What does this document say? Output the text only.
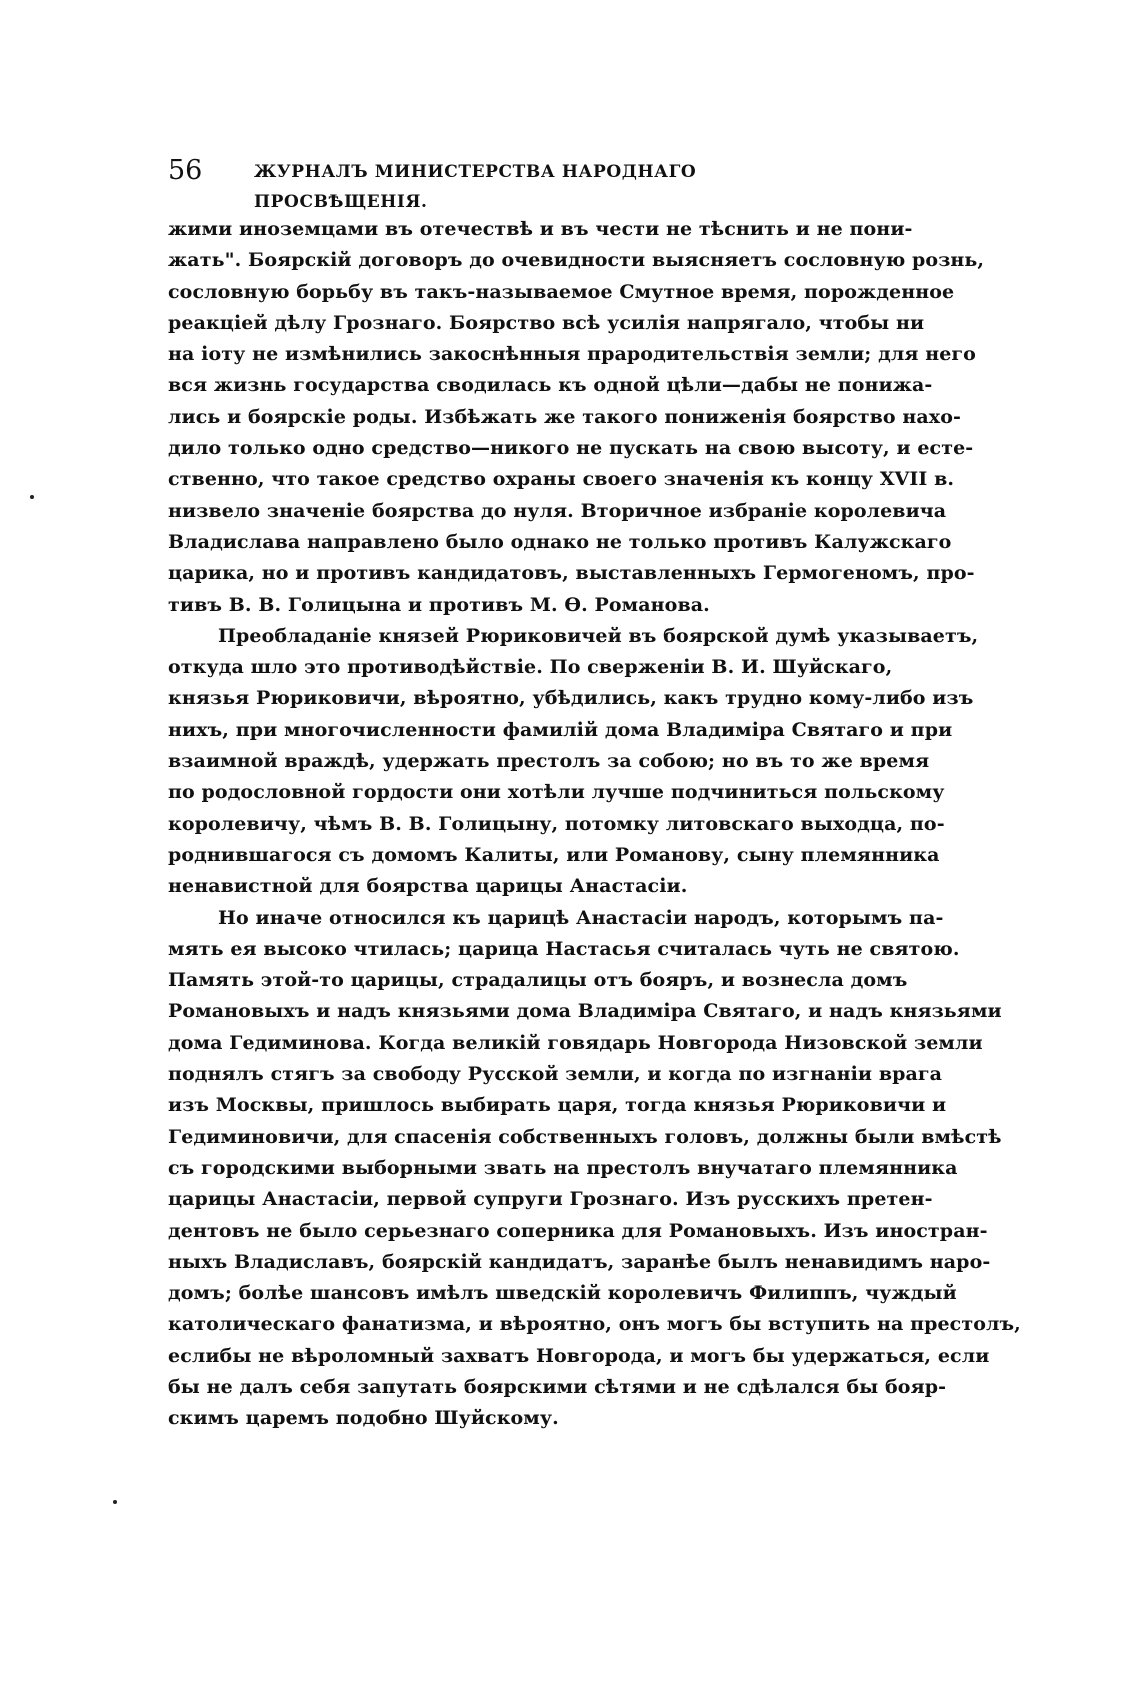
56	ЖУРНАЛЪ МИНИСТЕРСТВА НАРОДНАГО ПРОСВѢЩЕНІЯ.
жими иноземцами въ отечествѣ и въ чести не тѣснить и не пони-
жать". Боярскій договоръ до очевидности выясняетъ сословную рознь,
сословную борьбу въ такъ-называемое Смутное время, порожденное
реакціей дѣлу Грознаго. Боярство всѣ усилія напрягало, чтобы ни
на іоту не измѣнились закоснѣнныя прародительствія земли; для него
вся жизнь государства сводилась къ одной цѣли—дабы не понижа-
лись и боярскіе роды. Избѣжать же такого пониженія боярство нахо-
дило только одно средство—никого не пускать на свою высоту, и есте-
ственно, что такое средство охраны своего значенія къ концу XVII в.
низвело значеніе боярства до нуля. Вторичное избраніе королевича
Владислава направлено было однако не только противъ Калужскаго
царика, но и противъ кандидатовъ, выставленныхъ Гермогеномъ, про-
тивъ В. В. Голицына и противъ М. Ѳ. Романова.
Преобладаніе князей Рюриковичей въ боярской думѣ указываетъ,
откуда шло это противодѣйствіе. По сверженіи В. И. Шуйскаго,
князья Рюриковичи, вѣроятно, убѣдились, какъ трудно кому-либо изъ
нихъ, при многочисленности фамилій дома Владиміра Святаго и при
взаимной враждѣ, удержать престолъ за собою; но въ то же время
по родословной гордости они хотѣли лучше подчиниться польскому
королевичу, чѣмъ В. В. Голицыну, потомку литовскаго выходца, по-
роднившагося съ домомъ Калиты, или Романову, сыну племянника
ненавистной для боярства царицы Анастасіи.
Но иначе относился къ царицѣ Анастасіи народъ, которымъ па-
мять ея высоко чтилась; царица Настасья считалась чуть не святою.
Память этой-то царицы, страдалицы отъ бояръ, и вознесла домъ
Романовыхъ и надъ князьями дома Владиміра Святаго, и надъ князьями
дома Гедиминова. Когда великій говядарь Новгорода Низовской земли
поднялъ стягъ за свободу Русской земли, и когда по изгнаніи врага
изъ Москвы, пришлось выбирать царя, тогда князья Рюриковичи и
Гедиминовичи, для спасенія собственныхъ головъ, должны были вмѣстѣ
съ городскими выборными звать на престолъ внучатаго племянника
царицы Анастасіи, первой супруги Грознаго. Изъ русскихъ претен-
дентовъ не было серьезнаго соперника для Романовыхъ. Изъ иностран-
ныхъ Владиславъ, боярскій кандидатъ, заранѣе былъ ненавидимъ наро-
домъ; болѣе шансовъ имѣлъ шведскій королевичъ Филиппъ, чуждый
католическаго фанатизма, и вѣроятно, онъ могъ бы вступить на престолъ,
еслибы не вѣроломный захватъ Новгорода, и могъ бы удержаться, если
бы не далъ себя запутать боярскими сѣтями и не сдѣлался бы бояр-
скимъ царемъ подобно Шуйскому.
